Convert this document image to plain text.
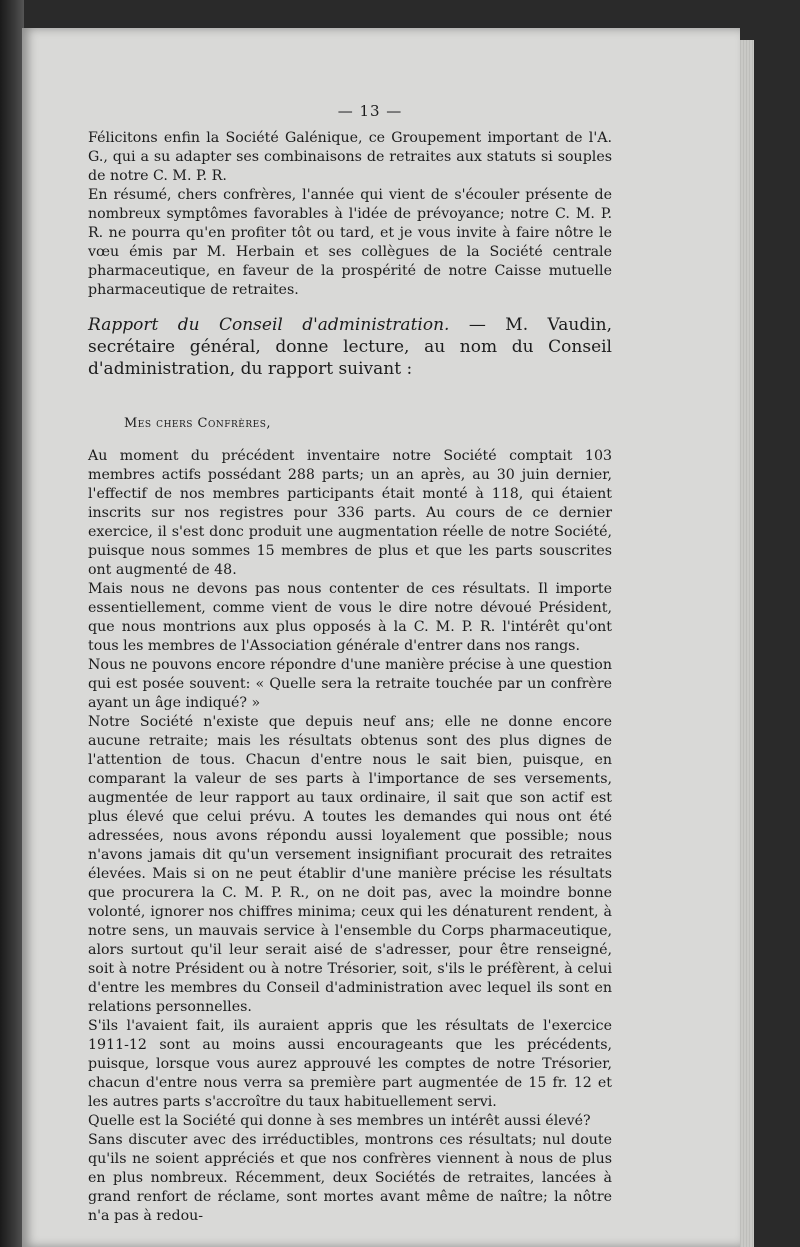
— 13 —

Félicitons enfin la Société Galénique, ce Groupement important de l'A. G., qui a su adapter ses combinaisons de retraites aux statuts si souples de notre C. M. P. R.

En résumé, chers confrères, l'année qui vient de s'écouler présente de nombreux symptômes favorables à l'idée de prévoyance; notre C. M. P. R. ne pourra qu'en profiter tôt ou tard, et je vous invite à faire nôtre le vœu émis par M. Herbain et ses collègues de la Société centrale pharmaceutique, en faveur de la prospérité de notre Caisse mutuelle pharmaceutique de retraites.

Rapport du Conseil d'administration. — M. Vaudin, secrétaire général, donne lecture, au nom du Conseil d'administration, du rapport suivant :

Mes chers Confrères,

Au moment du précédent inventaire notre Société comptait 103 membres actifs possédant 288 parts; un an après, au 30 juin dernier, l'effectif de nos membres participants était monté à 118, qui étaient inscrits sur nos registres pour 336 parts. Au cours de ce dernier exercice, il s'est donc produit une augmentation réelle de notre Société, puisque nous sommes 15 membres de plus et que les parts souscrites ont augmenté de 48.

Mais nous ne devons pas nous contenter de ces résultats. Il importe essentiellement, comme vient de vous le dire notre dévoué Président, que nous montrions aux plus opposés à la C. M. P. R. l'intérêt qu'ont tous les membres de l'Association générale d'entrer dans nos rangs.

Nous ne pouvons encore répondre d'une manière précise à une question qui est posée souvent: « Quelle sera la retraite touchée par un confrère ayant un âge indiqué? »

Notre Société n'existe que depuis neuf ans; elle ne donne encore aucune retraite; mais les résultats obtenus sont des plus dignes de l'attention de tous. Chacun d'entre nous le sait bien, puisque, en comparant la valeur de ses parts à l'importance de ses versements, augmentée de leur rapport au taux ordinaire, il sait que son actif est plus élevé que celui prévu. A toutes les demandes qui nous ont été adressées, nous avons répondu aussi loyalement que possible; nous n'avons jamais dit qu'un versement insignifiant procurait des retraites élevées. Mais si on ne peut établir d'une manière précise les résultats que procurera la C. M. P. R., on ne doit pas, avec la moindre bonne volonté, ignorer nos chiffres minima; ceux qui les dénaturent rendent, à notre sens, un mauvais service à l'ensemble du Corps pharmaceutique, alors surtout qu'il leur serait aisé de s'adresser, pour être renseigné, soit à notre Président ou à notre Trésorier, soit, s'ils le préfèrent, à celui d'entre les membres du Conseil d'administration avec lequel ils sont en relations personnelles.

S'ils l'avaient fait, ils auraient appris que les résultats de l'exercice 1911-12 sont au moins aussi encourageants que les précédents, puisque, lorsque vous aurez approuvé les comptes de notre Trésorier, chacun d'entre nous verra sa première part augmentée de 15 fr. 12 et les autres parts s'accroître du taux habituellement servi.

Quelle est la Société qui donne à ses membres un intérêt aussi élevé?

Sans discuter avec des irréductibles, montrons ces résultats; nul doute qu'ils ne soient appréciés et que nos confrères viennent à nous de plus en plus nombreux. Récemment, deux Sociétés de retraites, lancées à grand renfort de réclame, sont mortes avant même de naître; la nôtre n'a pas à redou-
